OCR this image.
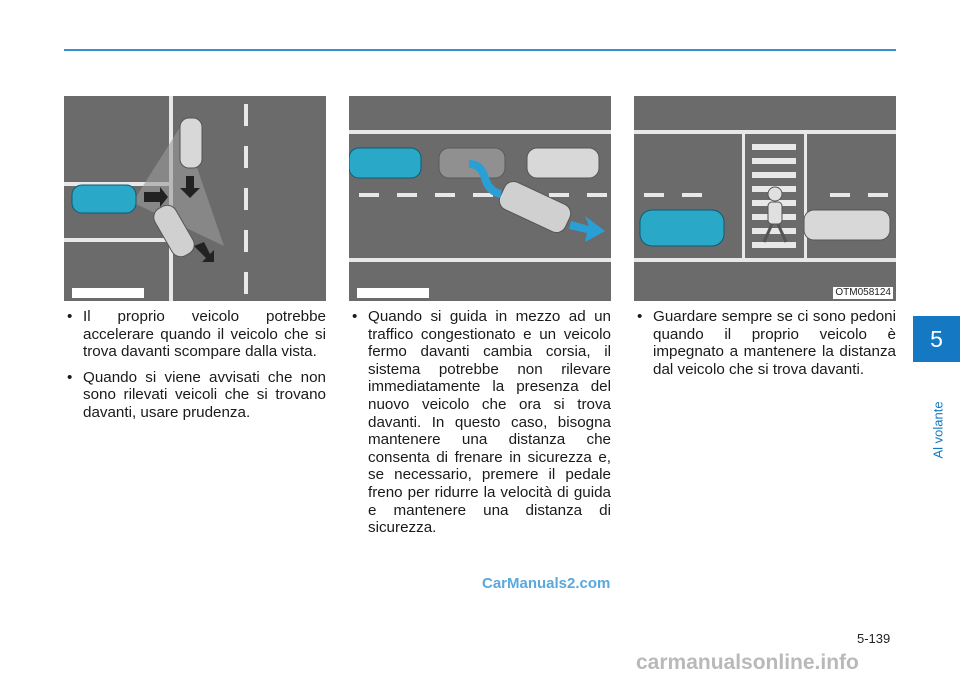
5
Al volante
OTM058124
• Il proprio veicolo potrebbe accelerare quando il veicolo che si trova davanti scompare dalla vista.
• Quando si viene avvisati che non sono rilevati veicoli che si trovano davanti, usare prudenza.
• Quando si guida in mezzo ad un traffico congestionato e un veicolo fermo davanti cambia corsia, il sistema potrebbe non rilevare immediatamente la presenza del nuovo veicolo che ora si trova davanti. In questo caso, bisogna mantenere una distanza che consenta di frenare in sicurezza e, se necessario, premere il pedale freno per ridurre la velocità di guida e mantenere una distanza di sicurezza.
• Guardare sempre se ci sono pedoni quando il proprio veicolo è impegnato a mantenere la distanza dal veicolo che si trova davanti.
CarManuals2.com
5-139
carmanualsonline.info
